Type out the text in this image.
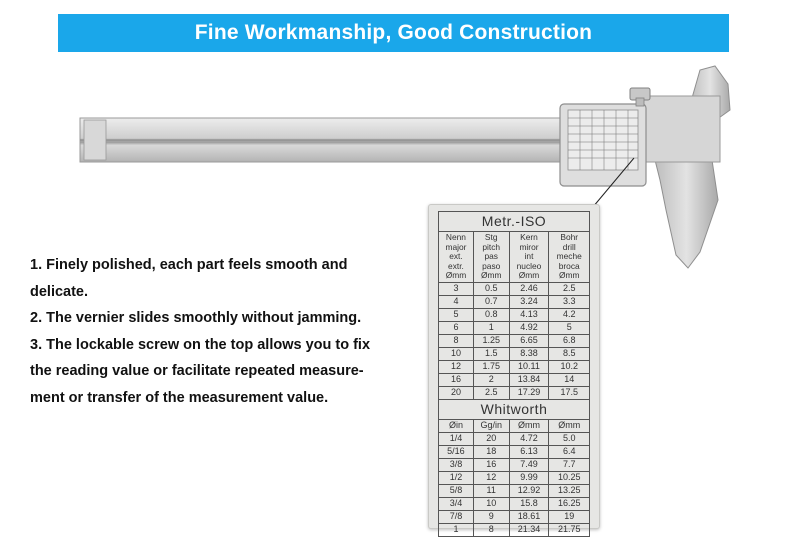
Fine Workmanship, Good Construction

1. Finely polished, each part feels smooth and

delicate.

2. The vernier slides smoothly without jamming.

3. The lockable screw on the top allows you to fix

the reading value or facilitate repeated measure-

ment or transfer of the measurement value.

Metr.-ISO			
Nenn
major
ext.
extr.
Ømm	Stg
pitch
pas
paso
Ømm	Kern
miror
int
nucleo
Ømm	Bohr
drill
meche
broca
Ømm
3	0.5	2.46	2.5
4	0.7	3.24	3.3
5	0.8	4.13	4.2
6	1	4.92	5
8	1.25	6.65	6.8
10	1.5	8.38	8.5
12	1.75	10.11	10.2
16	2	13.84	14
20	2.5	17.29	17.5
Whitworth			
Øin	Gg/in	Ømm	Ømm
1/4	20	4.72	5.0
5/16	18	6.13	6.4
3/8	16	7.49	7.7
1/2	12	9.99	10.25
5/8	11	12.92	13.25
3/4	10	15.8	16.25
7/8	9	18.61	19
1	8	21.34	21.75
